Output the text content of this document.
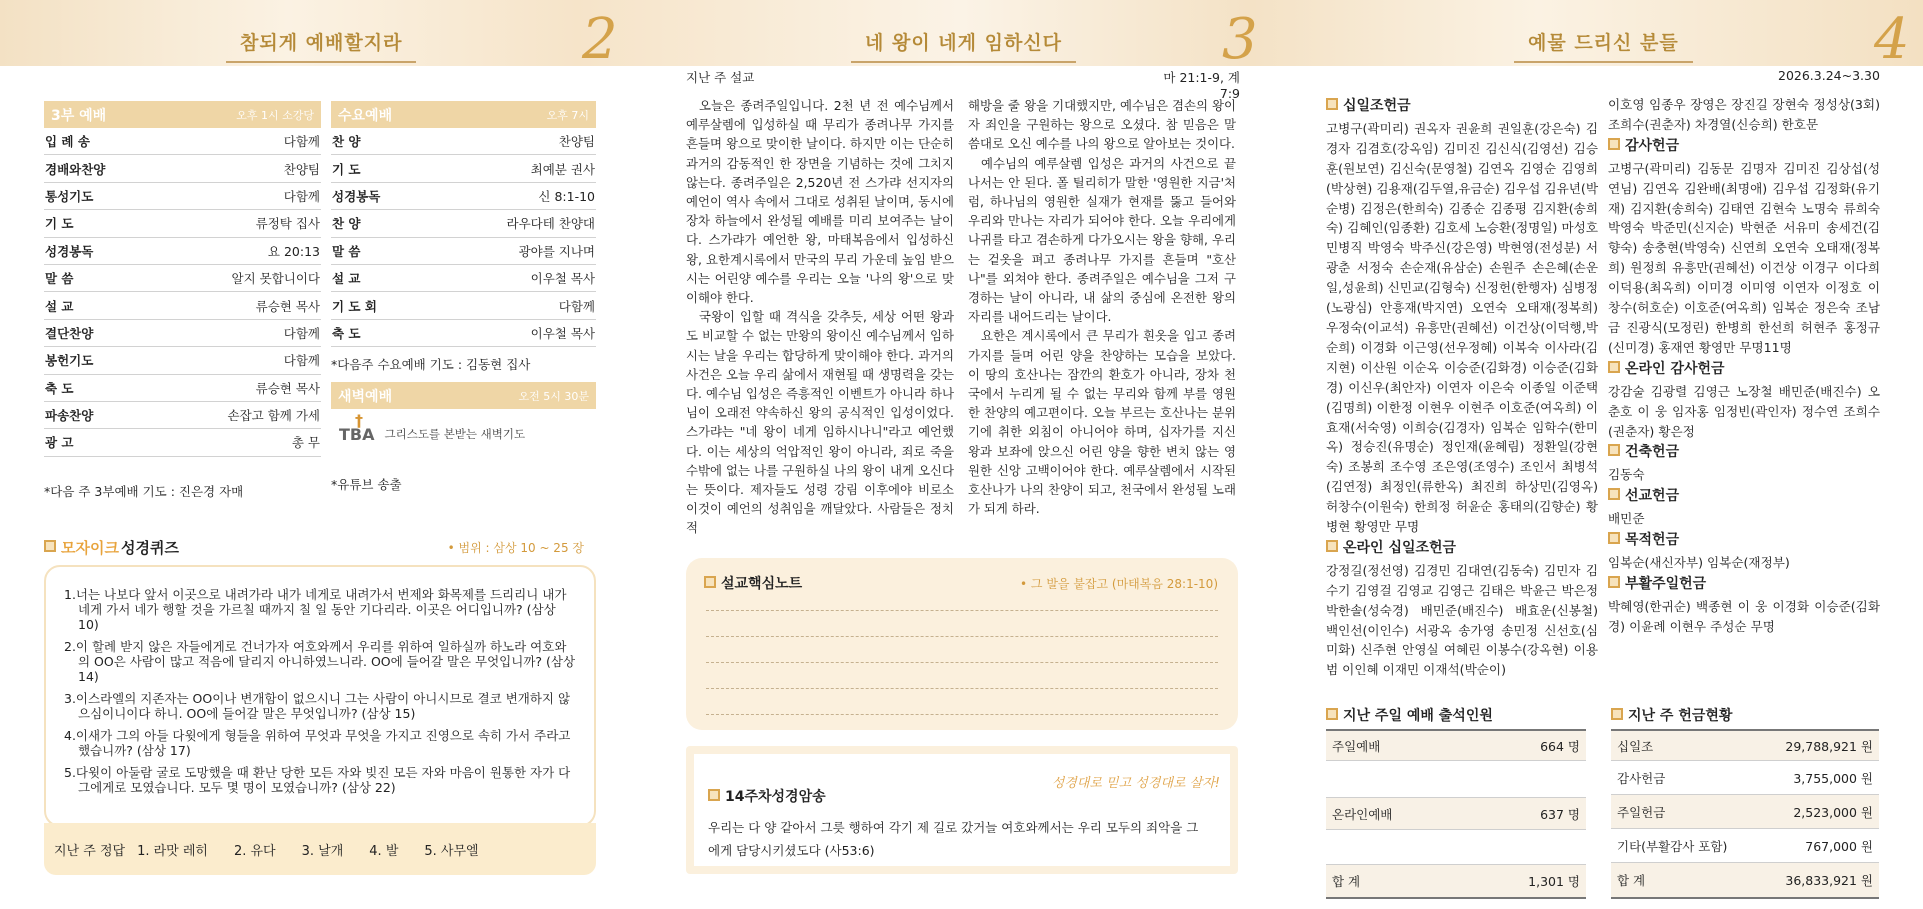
참되게 예배할지라	2	네 왕이 네게 임하신다	3	예물 드리신 분들	4
3부 예배	오후 1시 소강당
입 례 송	다함께
경배와찬양	찬양팀
통성기도	다함께
기 도	류정탁 집사
성경봉독	요 20:13
말 씀	알지 못합니이다
설 교	류승현 목사
결단찬양	다함께
봉헌기도	다함께
축 도	류승현 목사
파송찬양	손잡고 함께 가세
광 고	총 무
*다음 주 3부예배 기도 : 진은경 자매
수요예배	오후 7시
찬 양	찬양팀
기 도	최예분 권사
성경봉독	신 8:1-10
찬 양	라우다테 찬양대
말 씀	광야를 지나며
설 교	이우철 목사
기 도 회	다함께
축 도	이우철 목사
*다음주 수요예배 기도 : 김동현 집사
새벽예배	오전 5시 30분
†
TBA 그리스도를 본받는 새벽기도
*유튜브 송출
모자이크 성경퀴즈	• 범위 : 삼상 10 ~ 25 장
1.너는 나보다 앞서 이곳으로 내려가라 내가 네게로 내려가서 번제와 화목제를 드리리니 내가 네게 가서 네가 행할 것을 가르칠 때까지 칠 일 동안 기다리라. 이곳은 어디입니까? (삼상 10)
2.이 할례 받지 않은 자들에게로 건너가자 여호와께서 우리를 위하여 일하실까 하노라 여호와의 OO은 사람이 많고 적음에 달리지 아니하였느니라. OO에 들어갈 말은 무엇입니까? (삼상 14)
3.이스라엘의 지존자는 OO이나 변개함이 없으시니 그는 사람이 아니시므로 결코 변개하지 않으심이니이다 하니. OO에 들어갈 말은 무엇입니까? (삼상 15)
4.이새가 그의 아들 다윗에게 형들을 위하여 무엇과 무엇을 가지고 진영으로 속히 가서 주라고 했습니까? (삼상 17)
5.다윗이 아둘람 굴로 도망했을 때 환난 당한 모든 자와 빚진 모든 자와 마음이 원통한 자가 다 그에게로 모였습니다. 모두 몇 명이 모였습니까? (삼상 22)
지난 주 정답 1. 라맛 레히 2. 유다 3. 날개 4. 발 5. 사무엘
지난 주 설교	마 21:1-9, 계 7:9

오늘은 종려주일입니다. 2천 년 전 예수님께서 예루살렘에 입성하실 때 무리가 종려나무 가지를 흔들며 왕으로 맞이한 날이다. 하지만 이는 단순히 과거의 감동적인 한 장면을 기념하는 것에 그치지 않는다. 종려주일은 2,520년 전 스가랴 선지자의 예언이 역사 속에서 그대로 성취된 날이며, 동시에 장차 하늘에서 완성될 예배를 미리 보여주는 날이다. 스가랴가 예언한 왕, 마태복음에서 입성하신 왕, 요한계시록에서 만국의 무리 가운데 높임 받으시는 어린양 예수를 우리는 오늘 '나의 왕'으로 맞이해야 한다.

국왕이 입할 때 격식을 갖추듯, 세상 어떤 왕과도 비교할 수 없는 만왕의 왕이신 예수님께서 임하시는 날을 우리는 합당하게 맞이해야 한다. 과거의 사건은 오늘 우리 삶에서 재현될 때 생명력을 갖는다. 예수님 입성은 즉흥적인 이벤트가 아니라 하나님이 오래전 약속하신 왕의 공식적인 입성이었다. 스가랴는 "네 왕이 네게 임하시나니"라고 예언했다. 이는 세상의 억압적인 왕이 아니라, 죄로 죽을 수밖에 없는 나를 구원하실 나의 왕이 내게 오신다는 뜻이다. 제자들도 성령 강림 이후에야 비로소 이것이 예언의 성취임을 깨달았다. 사람들은 정치적

해방을 줄 왕을 기대했지만, 예수님은 겸손의 왕이자 죄인을 구원하는 왕으로 오셨다. 참 믿음은 말씀대로 오신 예수를 나의 왕으로 알아보는 것이다.

예수님의 예루살렘 입성은 과거의 사건으로 끝나서는 안 된다. 폴 틸리히가 말한 '영원한 지금'처럼, 하나님의 영원한 실재가 현재를 뚫고 들어와 우리와 만나는 자리가 되어야 한다. 오늘 우리에게 나귀를 타고 겸손하게 다가오시는 왕을 향해, 우리는 겉옷을 펴고 종려나무 가지를 흔들며 "호산나"를 외쳐야 한다. 종려주일은 예수님을 그저 구경하는 날이 아니라, 내 삶의 중심에 온전한 왕의 자리를 내어드리는 날이다.

요한은 계시록에서 큰 무리가 흰옷을 입고 종려 가지를 들며 어린 양을 찬양하는 모습을 보았다. 이 땅의 호산나는 잠깐의 환호가 아니라, 장차 천국에서 누리게 될 수 없는 무리와 함께 부를 영원한 찬양의 예고편이다. 오늘 부르는 호산나는 분위기에 취한 외침이 아니어야 하며, 십자가를 지신 왕과 보좌에 앉으신 어린 양을 향한 변치 않는 영원한 신앙 고백이어야 한다. 예루살렘에서 시작된 호산나가 나의 찬양이 되고, 천국에서 완성될 노래가 되게 하라.

설교핵심노트	• 그 발을 붙잡고 (마태복음 28:1-10)
성경대로 믿고 성경대로 살자!
14주차성경암송
우리는 다 양 같아서 그릇 행하여 각기 제 길로 갔거늘 여호와께서는 우리 모두의 죄악을 그에게 담당시키셨도다 (사53:6)
2026.3.24~3.30
십일조헌금
고병구(곽미리) 권옥자 권윤희 권일훈(강은숙) 김경자 김겸호(강옥임) 김미진 김신식(김영선) 김승훈(원보연) 김신숙(문영철) 김연옥 김영순 김영희(박상현) 김용재(김두열,유금순) 김우섭 김유년(박순병) 김정은(한희숙) 김종순 김종평 김지환(송희숙) 김혜인(임종환) 김호세 노승환(정명일) 마성호 민병직 박영숙 박주신(강은영) 박현영(전성분) 서광춘 서정숙 손순재(유삼순) 손원주 손은혜(손운일,성윤희) 신민교(김형숙) 신정헌(한행자) 심병정(노광심) 안흥재(박지연) 오연숙 오태재(정복희) 우정숙(이교석) 유흥만(권혜선) 이건상(이덕행,박순희) 이경화 이근영(선우정혜) 이복숙 이사라(김지현) 이산원 이순옥 이승준(김화경) 이승준(김화경) 이신우(최안자) 이연자 이은숙 이종일 이준택(김명희) 이한정 이현우 이현주 이호준(여옥희) 이효재(서숙영) 이희승(김경자) 임복순 임학수(한미옥) 정승진(유명순) 정인재(윤혜림) 정환일(강현숙) 조봉희 조수영 조은영(조영수) 조인서 최병석(김연정) 최정인(류한옥) 최진희 하상민(김영옥) 허창수(이원숙) 한희정 허윤순 홍태의(김향순) 황병현 황영만 무명
온라인 십일조헌금
강정길(정선영) 김경민 김대연(김동숙) 김민자 김수기 김영걸 김영교 김영근 김태은 박윤근 박은정 박한솔(성숙경) 배민준(배진수) 배효운(신봉철) 백인선(이인수) 서광옥 송가영 송민정 신선호(심미화) 신주현 안영실 여혜린 이봉수(강옥현) 이용범 이인혜 이재민 이재석(박순이)
이호영 임종우 장영은 장진길 장현숙 정성상(3회) 조희수(권춘자) 차경열(신승희) 한호문
감사헌금
고병구(곽미리) 김동문 김명자 김미진 김상섭(성연님) 김연옥 김완배(최명애) 김우섭 김정화(유기재) 김지환(송희숙) 김태연 김현숙 노명숙 류희숙 박영숙 박준민(신지순) 박현준 서유미 송세건(김향숙) 송충현(박영숙) 신연희 오연숙 오태재(정복희) 원정희 유흥만(권혜선) 이건상 이경구 이다희 이덕용(최옥희) 이미경 이미영 이연자 이정호 이창수(허호순) 이호준(여옥희) 임복순 정은숙 조남금 진광식(모정린) 한병희 한선희 허현주 홍정규(신미경) 홍재연 황영만 무명11명
온라인 감사헌금
강감술 김광렬 김영근 노장철 배민준(배진수) 오춘호 이 웅 임자홍 임정빈(곽인자) 정수연 조희수(권춘자) 황은정
건축헌금
김동숙
선교헌금
배민준
목적헌금
임복순(새신자부) 임복순(재정부)
부활주일헌금
박혜영(한귀순) 백종현 이 웅 이경화 이승준(김화경) 이윤례 이현우 주성순 무명
지난 주일 예배 출석인원
주일예배	664 명
온라인예배	637 명
합 계	1,301 명
지난 주 헌금현황
십일조	29,788,921 원
감사헌금	3,755,000 원
주일헌금	2,523,000 원
기타(부활감사 포함)	767,000 원
합 계	36,833,921 원
